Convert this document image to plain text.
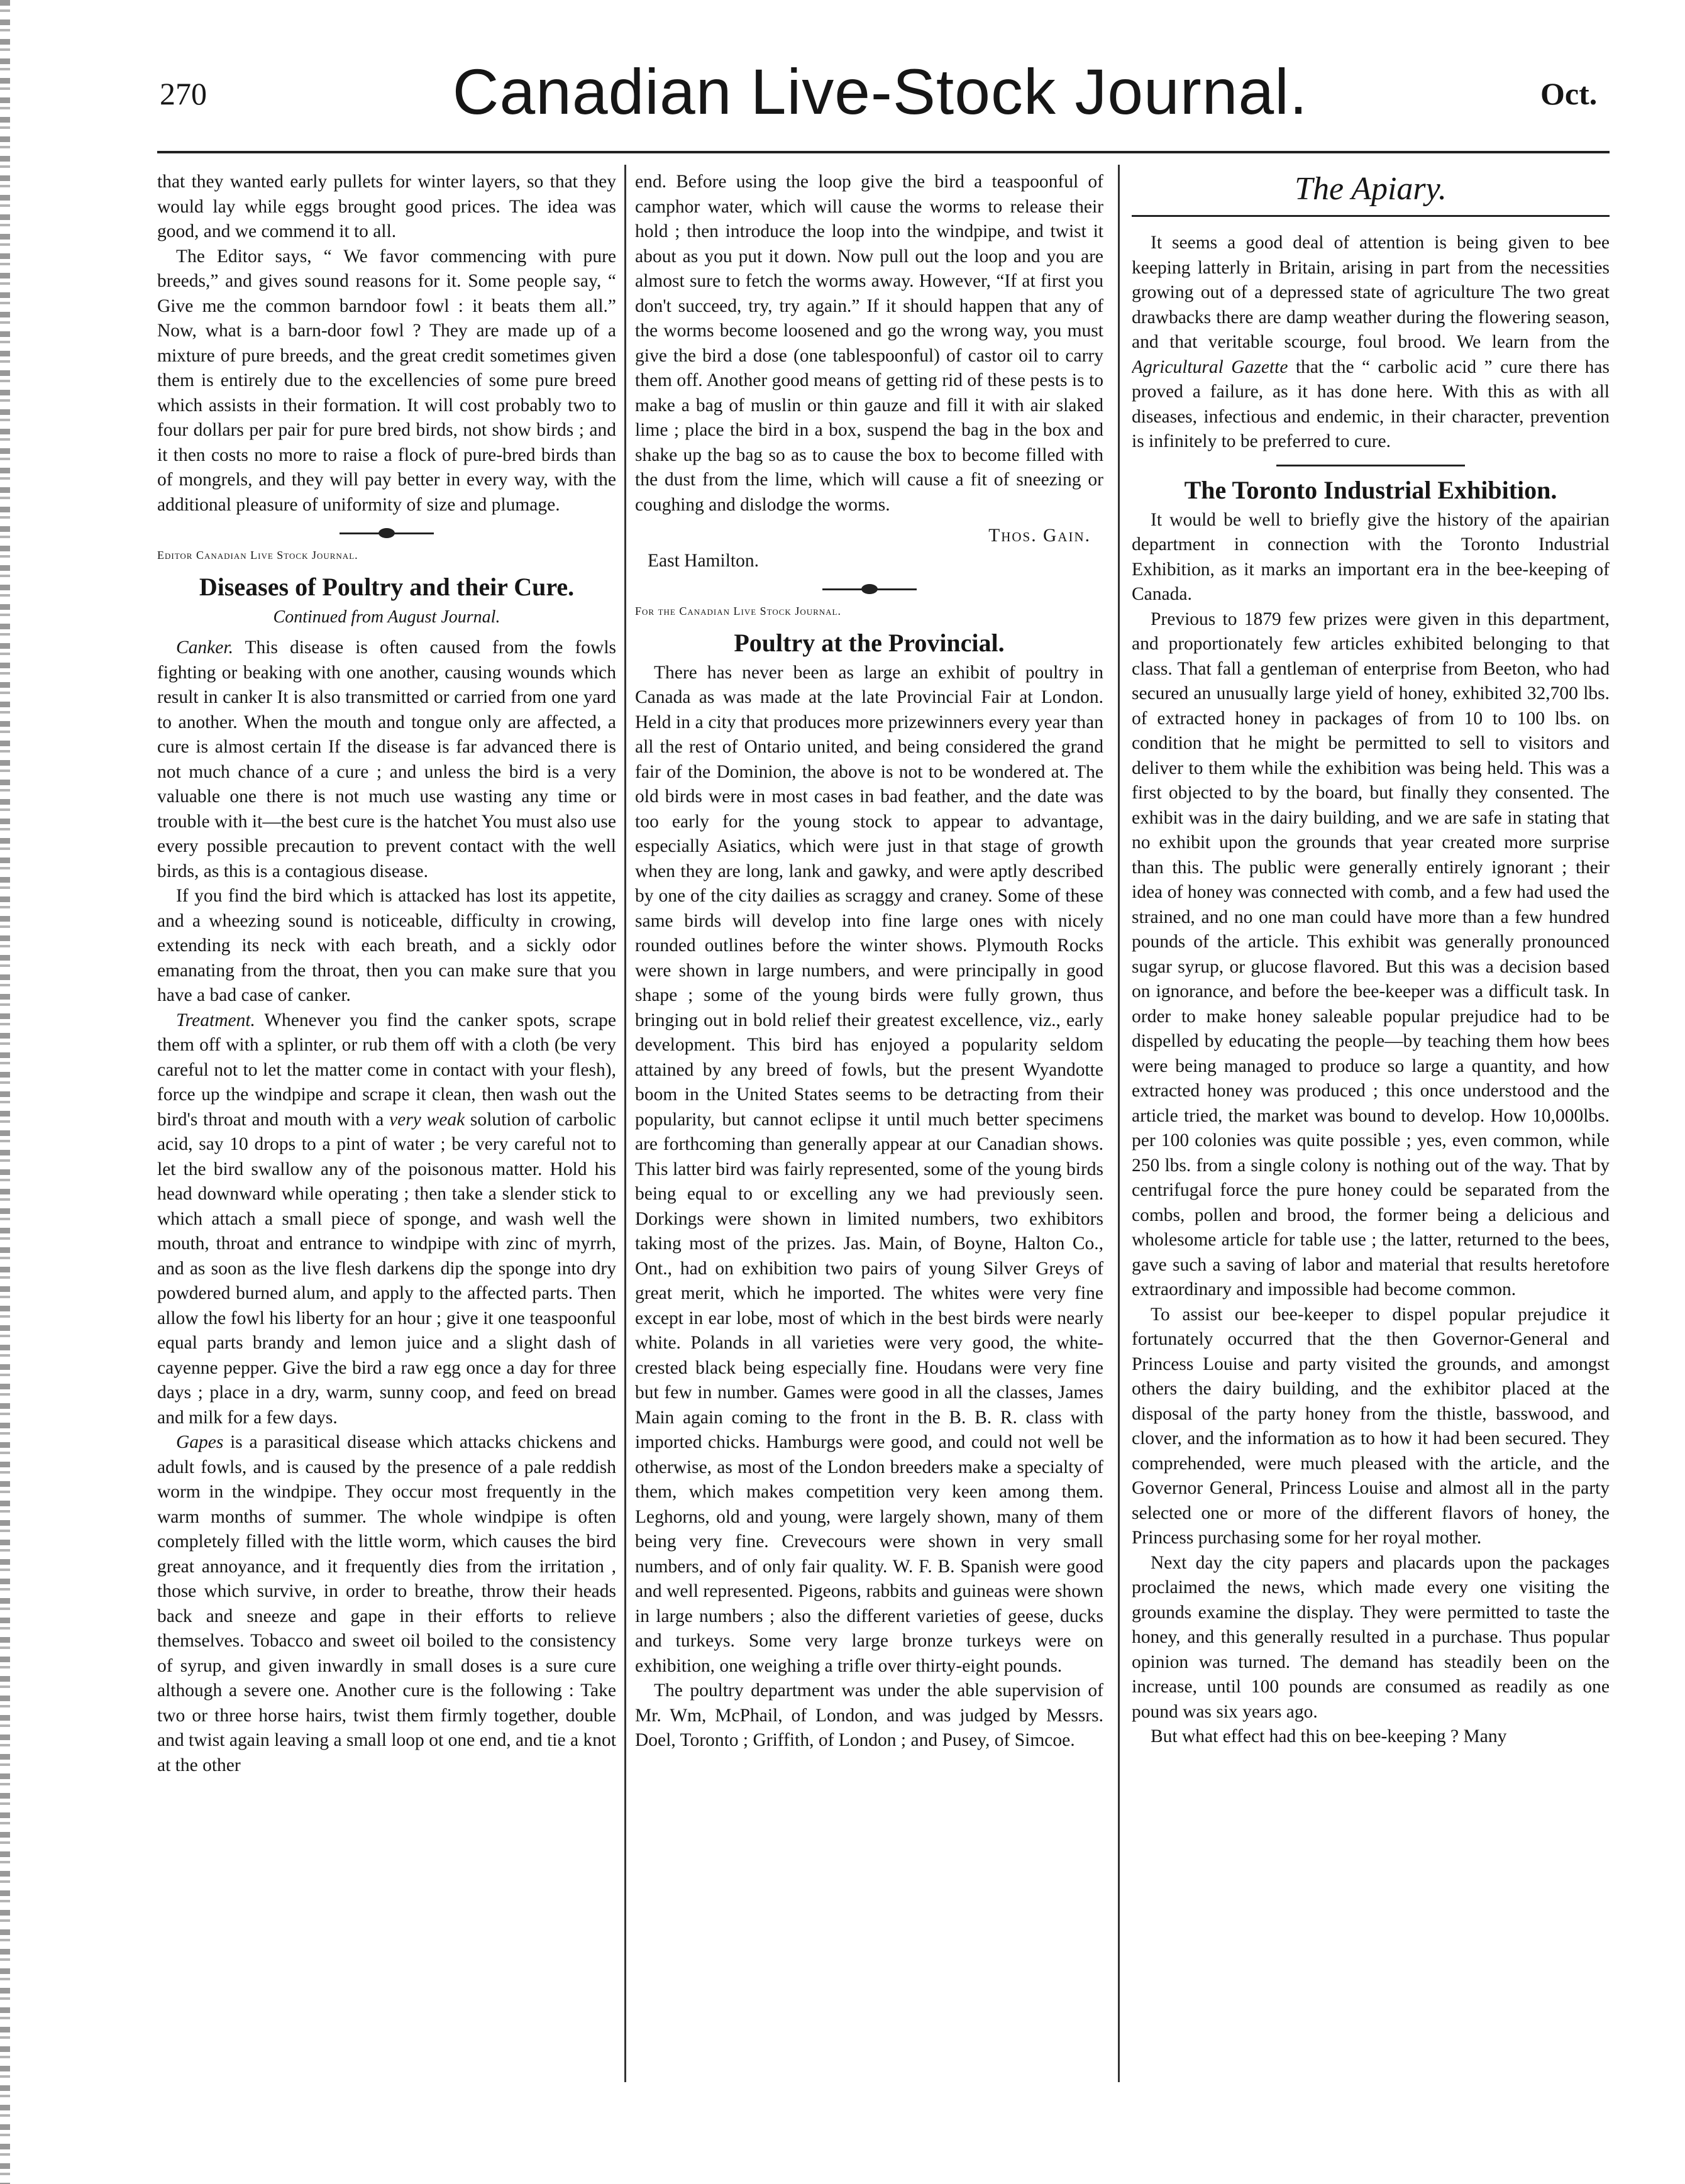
270	Canadian Live-Stock Journal.	Oct.

that they wanted early pullets for winter layers, so that they would lay while eggs brought good prices. The idea was good, and we commend it to all.

The Editor says, “ We favor commencing with pure breeds,” and gives sound reasons for it. Some people say, “ Give me the common barndoor fowl : it beats them all.” Now, what is a barn-door fowl ? They are made up of a mixture of pure breeds, and the great credit sometimes given them is entirely due to the excellencies of some pure breed which assists in their formation. It will cost probably two to four dollars per pair for pure bred birds, not show birds ; and it then costs no more to raise a flock of pure-bred birds than of mongrels, and they will pay better in every way, with the additional pleasure of uniformity of size and plumage.

Editor Canadian Live Stock Journal.

Diseases of Poultry and their Cure.
Continued from August Journal.

Canker. This disease is often caused from the fowls fighting or beaking with one another, causing wounds which result in canker It is also transmitted or carried from one yard to another. When the mouth and tongue only are affected, a cure is almost certain If the disease is far advanced there is not much chance of a cure ; and unless the bird is a very valuable one there is not much use wasting any time or trouble with it—the best cure is the hatchet You must also use every possible precaution to prevent contact with the well birds, as this is a contagious disease.

If you find the bird which is attacked has lost its appetite, and a wheezing sound is noticeable, difficulty in crowing, extending its neck with each breath, and a sickly odor emanating from the throat, then you can make sure that you have a bad case of canker.

Treatment. Whenever you find the canker spots, scrape them off with a splinter, or rub them off with a cloth (be very careful not to let the matter come in contact with your flesh), force up the windpipe and scrape it clean, then wash out the bird's throat and mouth with a very weak solution of carbolic acid, say 10 drops to a pint of water ; be very careful not to let the bird swallow any of the poisonous matter. Hold his head downward while operating ; then take a slender stick to which attach a small piece of sponge, and wash well the mouth, throat and entrance to windpipe with zinc of myrrh, and as soon as the live flesh darkens dip the sponge into dry powdered burned alum, and apply to the affected parts. Then allow the fowl his liberty for an hour ; give it one teaspoonful equal parts brandy and lemon juice and a slight dash of cayenne pepper. Give the bird a raw egg once a day for three days ; place in a dry, warm, sunny coop, and feed on bread and milk for a few days.

Gapes is a parasitical disease which attacks chickens and adult fowls, and is caused by the presence of a pale reddish worm in the windpipe. They occur most frequently in the warm months of summer. The whole windpipe is often completely filled with the little worm, which causes the bird great annoyance, and it frequently dies from the irritation , those which survive, in order to breathe, throw their heads back and sneeze and gape in their efforts to relieve themselves. Tobacco and sweet oil boiled to the consistency of syrup, and given inwardly in small doses is a sure cure although a severe one. Another cure is the following : Take two or three horse hairs, twist them firmly together, double and twist again leaving a small loop ot one end, and tie a knot at the other

end. Before using the loop give the bird a teaspoonful of camphor water, which will cause the worms to release their hold ; then introduce the loop into the windpipe, and twist it about as you put it down. Now pull out the loop and you are almost sure to fetch the worms away. However, “If at first you don't succeed, try, try again.” If it should happen that any of the worms become loosened and go the wrong way, you must give the bird a dose (one tablespoonful) of castor oil to carry them off. Another good means of getting rid of these pests is to make a bag of muslin or thin gauze and fill it with air slaked lime ; place the bird in a box, suspend the bag in the box and shake up the bag so as to cause the box to become filled with the dust from the lime, which will cause a fit of sneezing or coughing and dislodge the worms.

Thos. Gain.

East Hamilton.

For the Canadian Live Stock Journal.

Poultry at the Provincial.

There has never been as large an exhibit of poultry in Canada as was made at the late Provincial Fair at London. Held in a city that produces more prizewinners every year than all the rest of Ontario united, and being considered the grand fair of the Dominion, the above is not to be wondered at. The old birds were in most cases in bad feather, and the date was too early for the young stock to appear to advantage, especially Asiatics, which were just in that stage of growth when they are long, lank and gawky, and were aptly described by one of the city dailies as scraggy and craney. Some of these same birds will develop into fine large ones with nicely rounded outlines before the winter shows. Plymouth Rocks were shown in large numbers, and were principally in good shape ; some of the young birds were fully grown, thus bringing out in bold relief their greatest excellence, viz., early development. This bird has enjoyed a popularity seldom attained by any breed of fowls, but the present Wyandotte boom in the United States seems to be detracting from their popularity, but cannot eclipse it until much better specimens are forthcoming than generally appear at our Canadian shows. This latter bird was fairly represented, some of the young birds being equal to or excelling any we had previously seen. Dorkings were shown in limited numbers, two exhibitors taking most of the prizes. Jas. Main, of Boyne, Halton Co., Ont., had on exhibition two pairs of young Silver Greys of great merit, which he imported. The whites were very fine except in ear lobe, most of which in the best birds were nearly white. Polands in all varieties were very good, the white-crested black being especially fine. Houdans were very fine but few in number. Games were good in all the classes, James Main again coming to the front in the B. B. R. class with imported chicks. Hamburgs were good, and could not well be otherwise, as most of the London breeders make a specialty of them, which makes competition very keen among them. Leghorns, old and young, were largely shown, many of them being very fine. Crevecours were shown in very small numbers, and of only fair quality. W. F. B. Spanish were good and well represented. Pigeons, rabbits and guineas were shown in large numbers ; also the different varieties of geese, ducks and turkeys. Some very large bronze turkeys were on exhibition, one weighing a trifle over thirty-eight pounds.

The poultry department was under the able supervision of Mr. Wm, McPhail, of London, and was judged by Messrs. Doel, Toronto ; Griffith, of London ; and Pusey, of Simcoe.

The Apiary.

It seems a good deal of attention is being given to bee keeping latterly in Britain, arising in part from the necessities growing out of a depressed state of agriculture The two great drawbacks there are damp weather during the flowering season, and that veritable scourge, foul brood. We learn from the Agricultural Gazette that the “ carbolic acid ” cure there has proved a failure, as it has done here. With this as with all diseases, infectious and endemic, in their character, prevention is infinitely to be preferred to cure.

The Toronto Industrial Exhibition.

It would be well to briefly give the history of the apairian department in connection with the Toronto Industrial Exhibition, as it marks an important era in the bee-keeping of Canada.

Previous to 1879 few prizes were given in this department, and proportionately few articles exhibited belonging to that class. That fall a gentleman of enterprise from Beeton, who had secured an unusually large yield of honey, exhibited 32,700 lbs. of extracted honey in packages of from 10 to 100 lbs. on condition that he might be permitted to sell to visitors and deliver to them while the exhibition was being held. This was a first objected to by the board, but finally they consented. The exhibit was in the dairy building, and we are safe in stating that no exhibit upon the grounds that year created more surprise than this. The public were generally entirely ignorant ; their idea of honey was connected with comb, and a few had used the strained, and no one man could have more than a few hundred pounds of the article. This exhibit was generally pronounced sugar syrup, or glucose flavored. But this was a decision based on ignorance, and before the bee-keeper was a difficult task. In order to make honey saleable popular prejudice had to be dispelled by educating the people—by teaching them how bees were being managed to produce so large a quantity, and how extracted honey was produced ; this once understood and the article tried, the market was bound to develop. How 10,000lbs. per 100 colonies was quite possible ; yes, even common, while 250 lbs. from a single colony is nothing out of the way. That by centrifugal force the pure honey could be separated from the combs, pollen and brood, the former being a delicious and wholesome article for table use ; the latter, returned to the bees, gave such a saving of labor and material that results heretofore extraordinary and impossible had become common.

To assist our bee-keeper to dispel popular prejudice it fortunately occurred that the then Governor-General and Princess Louise and party visited the grounds, and amongst others the dairy building, and the exhibitor placed at the disposal of the party honey from the thistle, basswood, and clover, and the information as to how it had been secured. They comprehended, were much pleased with the article, and the Governor General, Princess Louise and almost all in the party selected one or more of the different flavors of honey, the Princess purchasing some for her royal mother.

Next day the city papers and placards upon the packages proclaimed the news, which made every one visiting the grounds examine the display. They were permitted to taste the honey, and this generally resulted in a purchase. Thus popular opinion was turned. The demand has steadily been on the increase, until 100 pounds are consumed as readily as one pound was six years ago.

But what effect had this on bee-keeping ? Many
